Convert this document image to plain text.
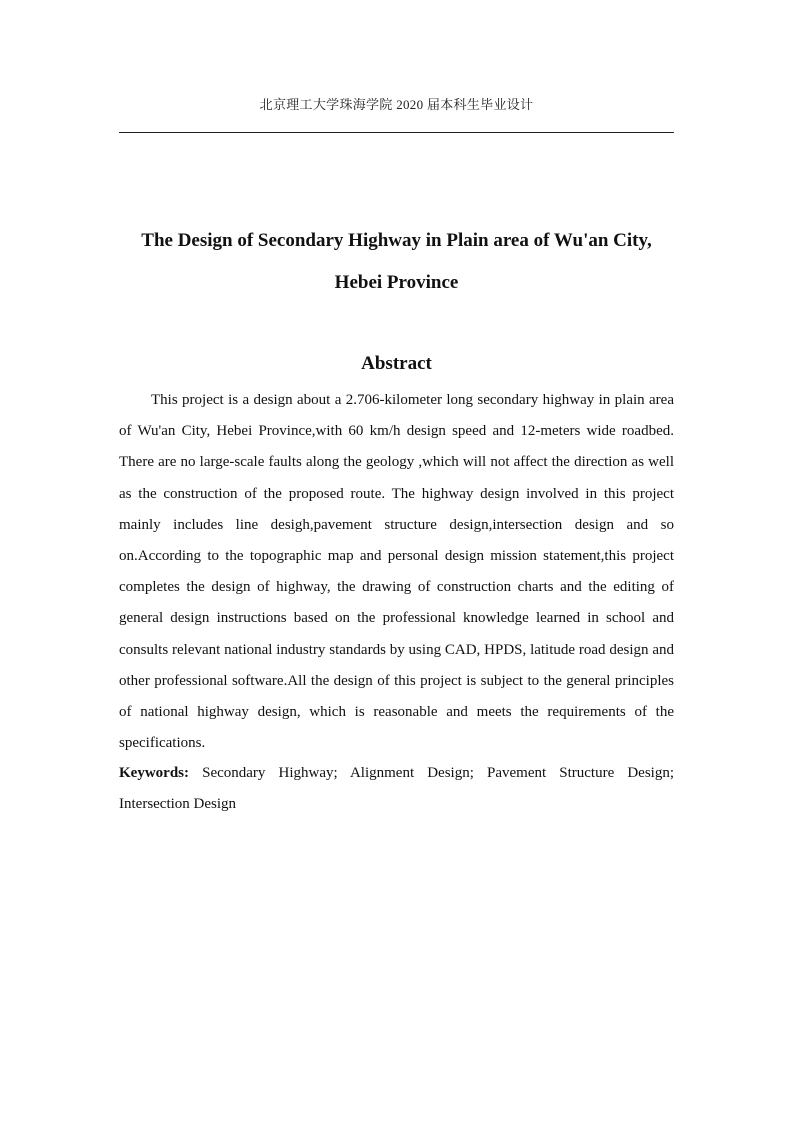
北京理工大学珠海学院 2020 届本科生毕业设计
The Design of Secondary Highway in Plain area of Wu'an City,
Hebei Province
Abstract

This project is a design about a 2.706-kilometer long secondary highway in plain area of Wu'an City, Hebei Province,with 60 km/h design speed and 12-meters wide roadbed. There are no large-scale faults along the geology ,which will not affect the direction as well as the construction of the proposed route. The highway design involved in this project mainly includes line desigh,pavement structure design,intersection design and so on.According to the topographic map and personal design mission statement,this project completes the design of highway, the drawing of construction charts and the editing of general design instructions based on the professional knowledge learned in school and consults relevant national industry standards by using CAD, HPDS, latitude road design and other professional software.All the design of this project is subject to the general principles of national highway design, which is reasonable and meets the requirements of the specifications.

Keywords: Secondary Highway; Alignment Design; Pavement Structure Design; Intersection Design
